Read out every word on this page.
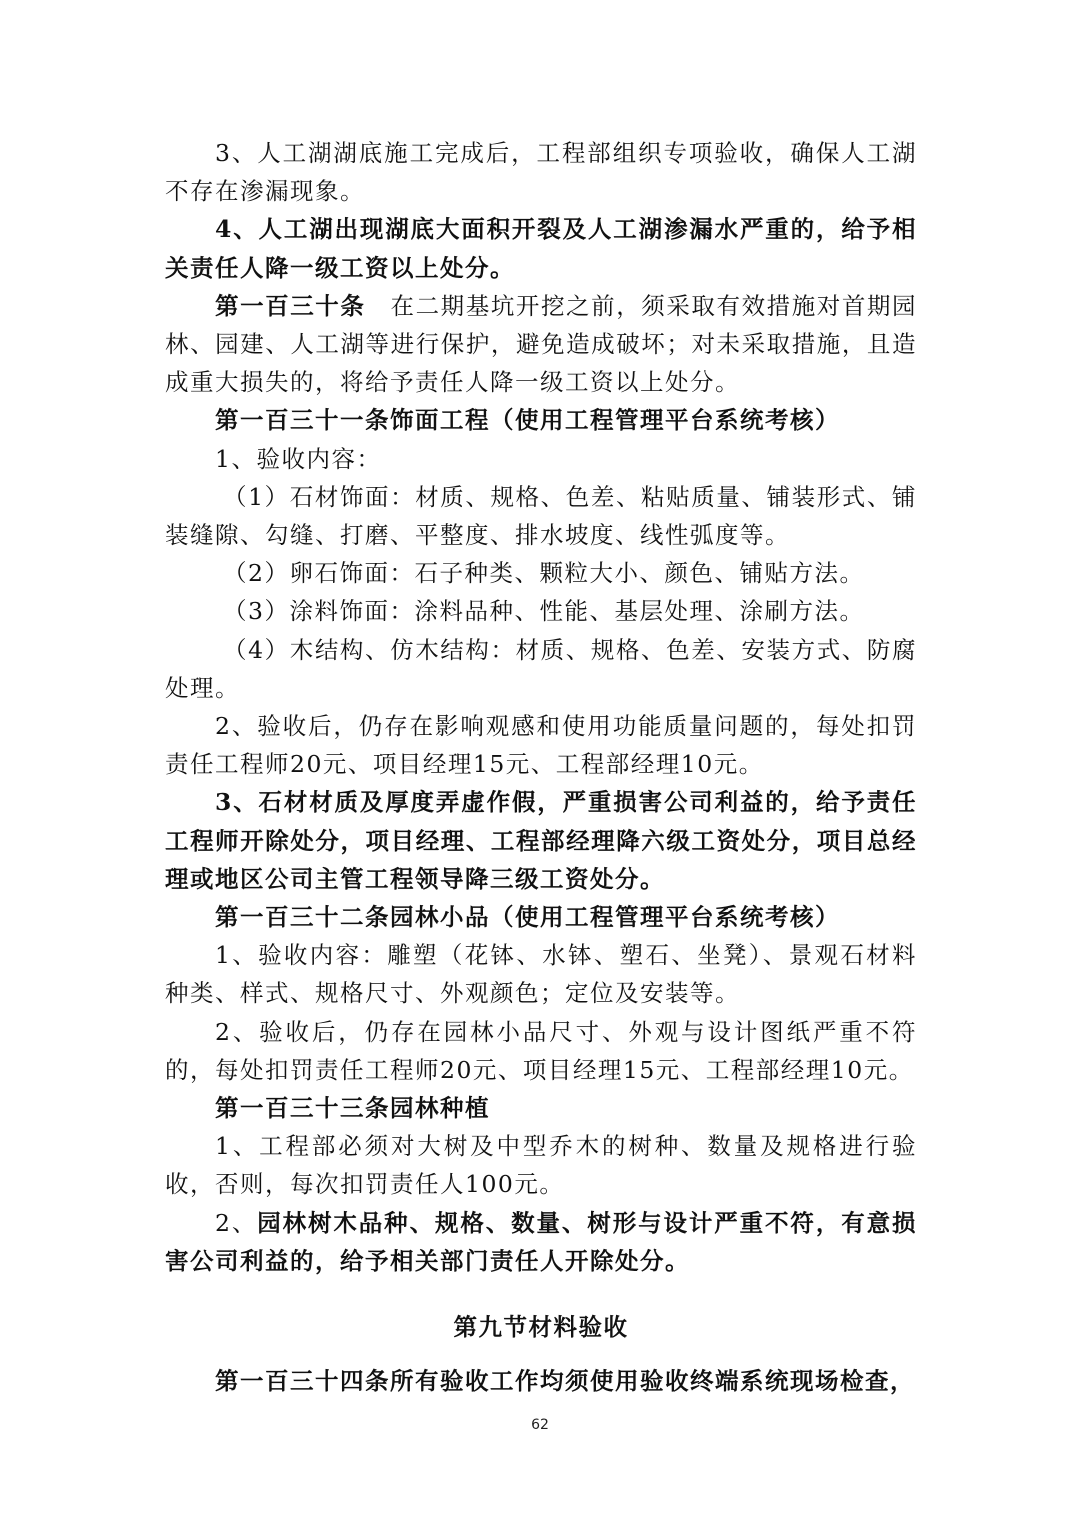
3、人工湖湖底施工完成后，工程部组织专项验收，确保人工湖不存在渗漏现象。

4、人工湖出现湖底大面积开裂及人工湖渗漏水严重的，给予相关责任人降一级工资以上处分。

第一百三十条　在二期基坑开挖之前，须采取有效措施对首期园林、园建、人工湖等进行保护，避免造成破坏；对未采取措施，且造成重大损失的，将给予责任人降一级工资以上处分。

第一百三十一条饰面工程（使用工程管理平台系统考核）

1、验收内容：

（1）石材饰面：材质、规格、色差、粘贴质量、铺装形式、铺装缝隙、勾缝、打磨、平整度、排水坡度、线性弧度等。

（2）卵石饰面：石子种类、颗粒大小、颜色、铺贴方法。

（3）涂料饰面：涂料品种、性能、基层处理、涂刷方法。

（4）木结构、仿木结构：材质、规格、色差、安装方式、防腐处理。

2、验收后，仍存在影响观感和使用功能质量问题的，每处扣罚责任工程师20元、项目经理15元、工程部经理10元。

3、石材材质及厚度弄虚作假，严重损害公司利益的，给予责任工程师开除处分，项目经理、工程部经理降六级工资处分，项目总经理或地区公司主管工程领导降三级工资处分。

第一百三十二条园林小品（使用工程管理平台系统考核）

1、验收内容：雕塑（花钵、水钵、塑石、坐凳）、景观石材料种类、样式、规格尺寸、外观颜色；定位及安装等。

2、验收后，仍存在园林小品尺寸、外观与设计图纸严重不符的，每处扣罚责任工程师20元、项目经理15元、工程部经理10元。

第一百三十三条园林种植

1、工程部必须对大树及中型乔木的树种、数量及规格进行验收，否则，每次扣罚责任人100元。

2、园林树木品种、规格、数量、树形与设计严重不符，有意损害公司利益的，给予相关部门责任人开除处分。

第九节材料验收

第一百三十四条所有验收工作均须使用验收终端系统现场检查，

62
